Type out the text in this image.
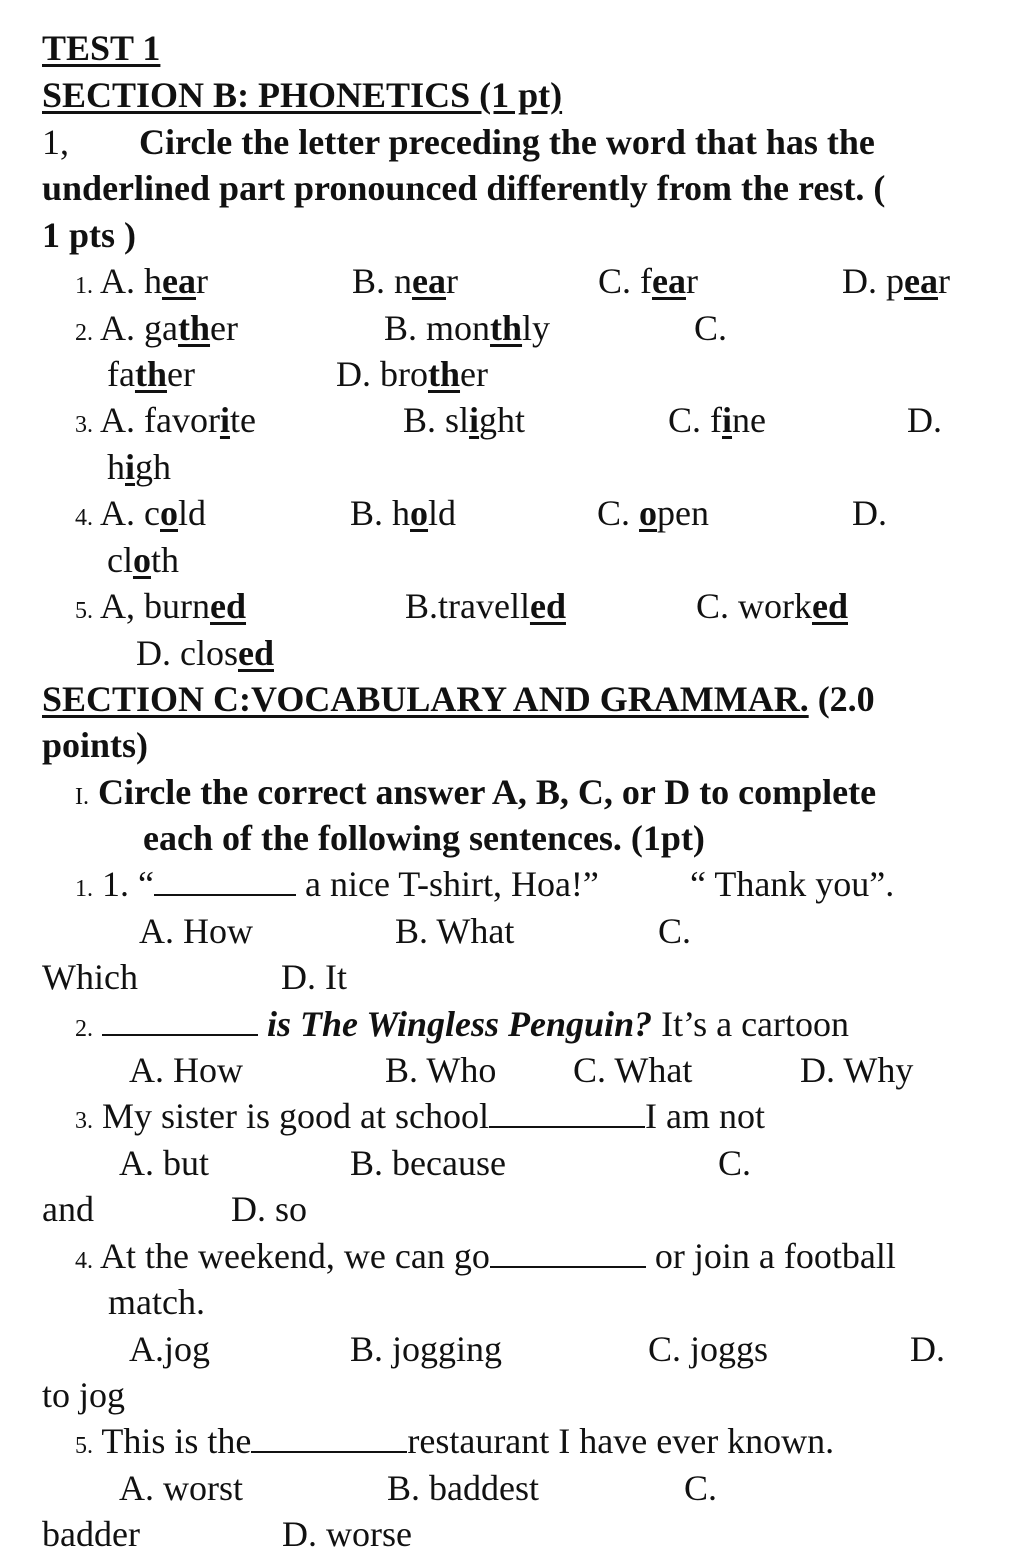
TEST 1
SECTION B: PHONETICS (1 pt)
1, Circle the letter preceding the word that has the
underlined part pronounced differently from the rest. (
1 pts )
1. A. hear	B. near	C. fear	D. pear
2. A. gather	B. monthly	C.
father	D. brother
3. A. favorite	B. slight	C. fine	D.
high
4. A. cold	B. hold	C. open	D.
cloth
5. A, burned	B.travelled	C. worked
D. closed
SECTION C:VOCABULARY AND GRAMMAR. (2.0
points)
I. Circle the correct answer A, B, C, or D to complete
each of the following sentences. (1pt)
1. 1. “	a nice T-shirt, Hoa!”	“ Thank you”.
A. How	B. What	C.
Which	D. It
2.	is The Wingless Penguin? It’s a cartoon
A. How	B. Who C. What	D. Why
3. My sister is good at school	I am not
A. but	B. because	C.
and	D. so
4. At the weekend, we can go	or join a football
match.
A.jog	B. jogging	C. joggs	D.
to jog
5. This is the	restaurant I have ever known.
A. worst	B. baddest	C.
badder	D. worse
